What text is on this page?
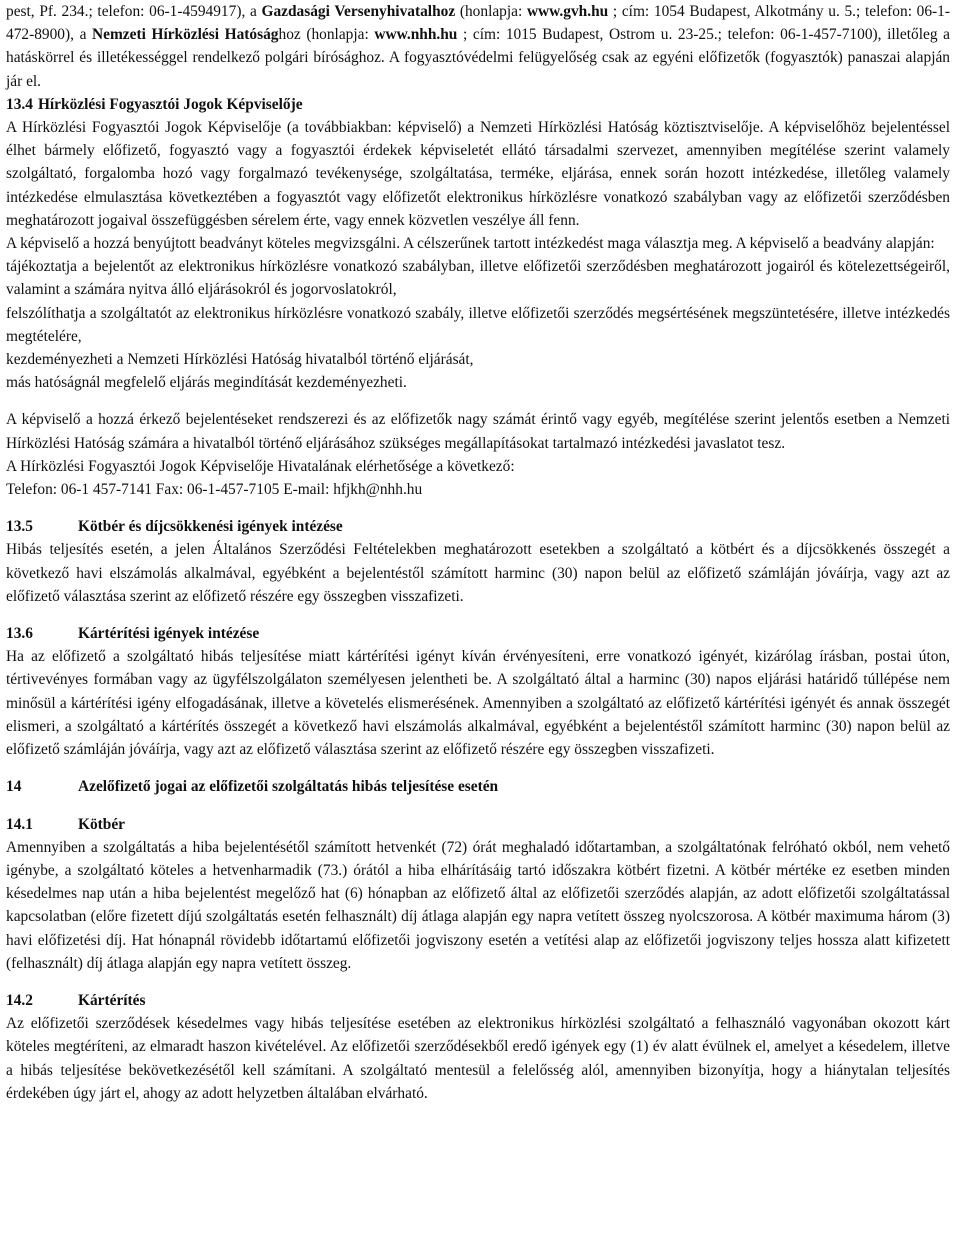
pest, Pf. 234.; telefon: 06-1-4594917), a Gazdasági Versenyhivatalhoz (honlapja: www.gvh.hu ; cím: 1054 Budapest, Alkotmány u. 5.; telefon: 06-1-472-8900), a Nemzeti Hírközlési Hatósághoz (honlapja: www.nhh.hu ; cím: 1015 Budapest, Ostrom u. 23-25.; telefon: 06-1-457-7100), illetőleg a hatáskörrel és illetékességgel rendelkező polgári bírósághoz. A fogyasztóvédelmi felügyelőség csak az egyéni előfizetők (fogyasztók) panaszai alapján jár el.

13.4 Hírközlési Fogyasztói Jogok Képviselője

A Hírközlési Fogyasztói Jogok Képviselője (a továbbiakban: képviselő) a Nemzeti Hírközlési Hatóság köztisztviselője. A képviselőhöz bejelentéssel élhet bármely előfizető, fogyasztó vagy a fogyasztói érdekek képviseletét ellátó társadalmi szervezet, amennyiben megítélése szerint valamely szolgáltató, forgalomba hozó vagy forgalmazó tevékenysége, szolgáltatása, terméke, eljárása, ennek során hozott intézkedése, illetőleg valamely intézkedése elmulasztása következtében a fogyasztót vagy előfizetőt elektronikus hírközlésre vonatkozó szabályban vagy az előfizetői szerződésben meghatározott jogaival összefüggésben sérelem érte, vagy ennek közvetlen veszélye áll fenn.

A képviselő a hozzá benyújtott beadványt köteles megvizsgálni. A célszerűnek tartott intézkedést maga választja meg. A képviselő a beadvány alapján:

tájékoztatja a bejelentőt az elektronikus hírközlésre vonatkozó szabályban, illetve előfizetői szerződésben meghatározott jogairól és kötelezettségeiről, valamint a számára nyitva álló eljárásokról és jogorvoslatokról,

felszólíthatja a szolgáltatót az elektronikus hírközlésre vonatkozó szabály, illetve előfizetői szerződés megsértésének megszüntetésére, illetve intézkedés megtételére,

kezdeményezheti a Nemzeti Hírközlési Hatóság hivatalból történő eljárását,

más hatóságnál megfelelő eljárás megindítását kezdeményezheti.

A képviselő a hozzá érkező bejelentéseket rendszerezi és az előfizetők nagy számát érintő vagy egyéb, megítélése szerint jelentős esetben a Nemzeti Hírközlési Hatóság számára a hivatalból történő eljárásához szükséges megállapításokat tartalmazó intézkedési javaslatot tesz.

A Hírközlési Fogyasztói Jogok Képviselője Hivatalának elérhetősége a következő:

Telefon: 06-1 457-7141 Fax: 06-1-457-7105 E-mail: hfjkh@nhh.hu

13.5	Kötbér és díjcsökkenési igények intézése

Hibás teljesítés esetén, a jelen Általános Szerződési Feltételekben meghatározott esetekben a szolgáltató a kötbért és a díjcsökkenés összegét a következő havi elszámolás alkalmával, egyébként a bejelentéstől számított harminc (30) napon belül az előfizető számláján jóváírja, vagy azt az előfizető választása szerint az előfizető részére egy összegben visszafizeti.

13.6	Kártérítési igények intézése

Ha az előfizető a szolgáltató hibás teljesítése miatt kártérítési igényt kíván érvényesíteni, erre vonatkozó igényét, kizárólag írásban, postai úton, tértivevényes formában vagy az ügyfélszolgálaton személyesen jelentheti be. A szolgáltató által a harminc (30) napos eljárási határidő túllépése nem minősül a kártérítési igény elfogadásának, illetve a követelés elismerésének. Amennyiben a szolgáltató az előfizető kártérítési igényét és annak összegét elismeri, a szolgáltató a kártérítés összegét a következő havi elszámolás alkalmával, egyébként a bejelentéstől számított harminc (30) napon belül az előfizető számláján jóváírja, vagy azt az előfizető választása szerint az előfizető részére egy összegben visszafizeti.

14	Azelőfizető jogai az előfizetői szolgáltatás hibás teljesítése esetén
14.1	Kötbér

Amennyiben a szolgáltatás a hiba bejelentésétől számított hetvenkét (72) órát meghaladó időtartamban, a szolgáltatónak felróható okból, nem vehető igénybe, a szolgáltató köteles a hetvenharmadik (73.) órától a hiba elhárításáig tartó időszakra kötbért fizetni. A kötbér mértéke ez esetben minden késedelmes nap után a hiba bejelentést megelőző hat (6) hónapban az előfizető által az előfizetői szerződés alapján, az adott előfizetői szolgáltatással kapcsolatban (előre fizetett díjú szolgáltatás esetén felhasznált) díj átlaga alapján egy napra vetített összeg nyolcszorosa. A kötbér maximuma három (3) havi előfizetési díj. Hat hónapnál rövidebb időtartamú előfizetői jogviszony esetén a vetítési alap az előfizetői jogviszony teljes hossza alatt kifizetett (felhasznált) díj átlaga alapján egy napra vetített összeg.

14.2	Kártérítés

Az előfizetői szerződések késedelmes vagy hibás teljesítése esetében az elektronikus hírközlési szolgáltató a felhasználó vagyonában okozott kárt köteles megtéríteni, az elmaradt haszon kivételével. Az előfizetői szerződésekből eredő igények egy (1) év alatt évülnek el, amelyet a késedelem, illetve a hibás teljesítése bekövetkezésétől kell számítani. A szolgáltató mentesül a felelősség alól, amennyiben bizonyítja, hogy a hiánytalan teljesítés érdekében úgy járt el, ahogy az adott helyzetben általában elvárható.
